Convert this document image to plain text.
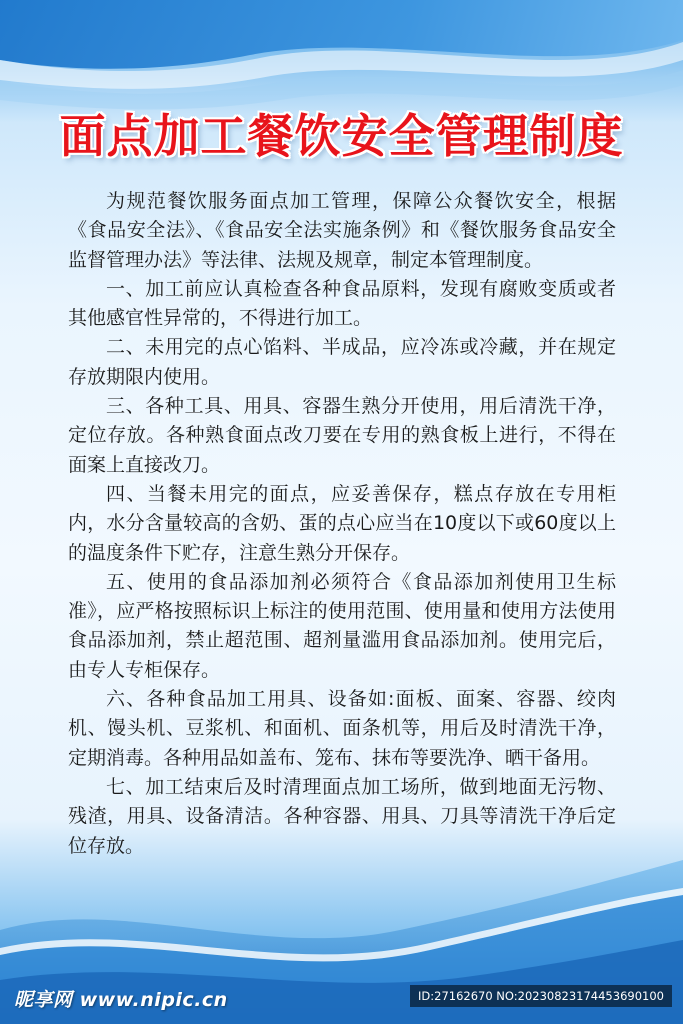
面点加工餐饮安全管理制度

为规范餐饮服务面点加工管理，保障公众餐饮安全，根据《食品安全法》、《食品安全法实施条例》和《餐饮服务食品安全监督管理办法》等法律、法规及规章，制定本管理制度。

一、加工前应认真检查各种食品原料，发现有腐败变质或者其他感官性异常的，不得进行加工。

二、未用完的点心馅料、半成品，应冷冻或冷藏，并在规定存放期限内使用。

三、各种工具、用具、容器生熟分开使用，用后清洗干净，定位存放。各种熟食面点改刀要在专用的熟食板上进行，不得在面案上直接改刀。

四、当餐未用完的面点，应妥善保存，糕点存放在专用柜内，水分含量较高的含奶、蛋的点心应当在10度以下或60度以上的温度条件下贮存，注意生熟分开保存。

五、使用的食品添加剂必须符合《食品添加剂使用卫生标准》，应严格按照标识上标注的使用范围、使用量和使用方法使用食品添加剂，禁止超范围、超剂量滥用食品添加剂。使用完后，由专人专柜保存。

六、各种食品加工用具、设备如:面板、面案、容器、绞肉机、馒头机、豆浆机、和面机、面条机等，用后及时清洗干净，定期消毒。各种用品如盖布、笼布、抹布等要洗净、晒干备用。

七、加工结束后及时清理面点加工场所，做到地面无污物、残渣，用具、设备清洁。各种容器、用具、刀具等清洗干净后定位存放。

昵享网 www.nipic.cn	ID:27162670 NO:20230823174453690100
